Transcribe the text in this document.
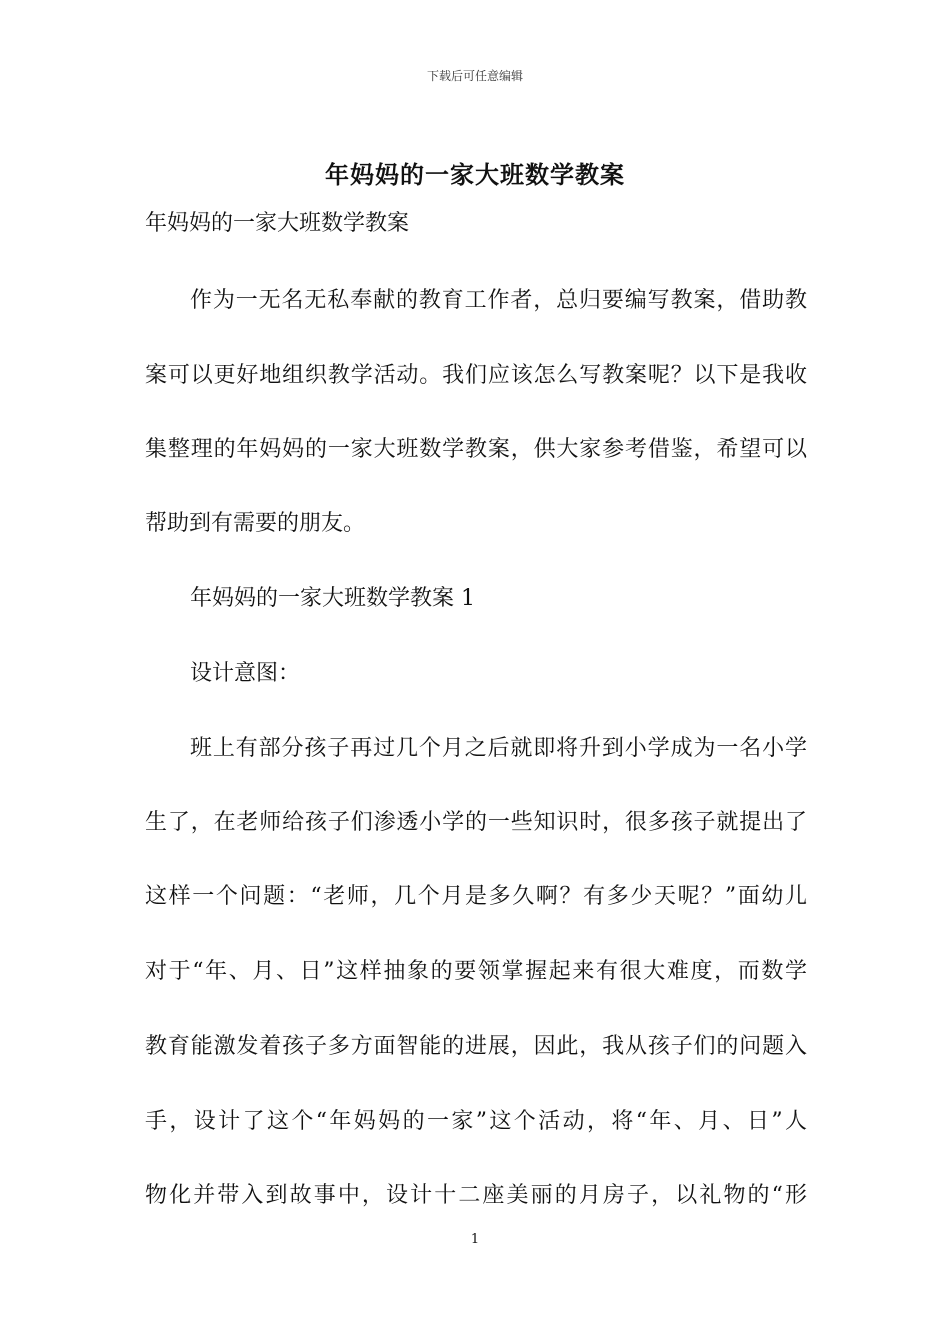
下载后可任意编辑
年妈妈的一家大班数学教案
年妈妈的一家大班数学教案
作为一无名无私奉献的教育工作者，总归要编写教案，借助教
案可以更好地组织教学活动。我们应该怎么写教案呢？以下是我收
集整理的年妈妈的一家大班数学教案，供大家参考借鉴，希望可以
帮助到有需要的朋友。
年妈妈的一家大班数学教案 1
设计意图：
班上有部分孩子再过几个月之后就即将升到小学成为一名小学
生了，在老师给孩子们渗透小学的一些知识时，很多孩子就提出了
这样一个问题：“老师，几个月是多久啊？有多少天呢？”面幼儿
对于“年、月、日”这样抽象的要领掌握起来有很大难度，而数学
教育能激发着孩子多方面智能的进展，因此，我从孩子们的问题入
手，设计了这个“年妈妈的一家”这个活动，将“年、月、日”人
物化并带入到故事中，设计十二座美丽的月房子，以礼物的“形
1
